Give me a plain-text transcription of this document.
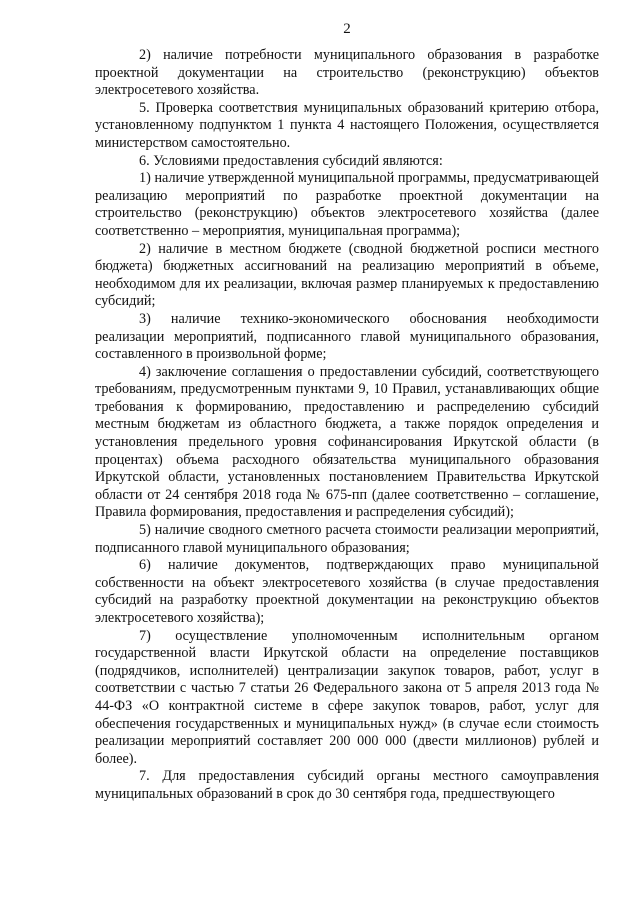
2

2) наличие потребности муниципального образования в разработке проектной документации на строительство (реконструкцию) объектов электросетевого хозяйства.

5. Проверка соответствия муниципальных образований критерию отбора, установленному подпунктом 1 пункта 4 настоящего Положения, осуществляется министерством самостоятельно.

6. Условиями предоставления субсидий являются:

1) наличие утвержденной муниципальной программы, предусматривающей реализацию мероприятий по разработке проектной документации на строительство (реконструкцию) объектов электросетевого хозяйства (далее соответственно – мероприятия, муниципальная программа);

2) наличие в местном бюджете (сводной бюджетной росписи местного бюджета) бюджетных ассигнований на реализацию мероприятий в объеме, необходимом для их реализации, включая размер планируемых к предоставлению субсидий;

3) наличие технико-экономического обоснования необходимости реализации мероприятий, подписанного главой муниципального образования, составленного в произвольной форме;

4) заключение соглашения о предоставлении субсидий, соответствующего требованиям, предусмотренным пунктами 9, 10 Правил, устанавливающих общие требования к формированию, предоставлению и распределению субсидий местным бюджетам из областного бюджета, а также порядок определения и установления предельного уровня софинансирования Иркутской области (в процентах) объема расходного обязательства муниципального образования Иркутской области, установленных постановлением Правительства Иркутской области от 24 сентября 2018 года № 675-пп (далее соответственно – соглашение, Правила формирования, предоставления и распределения субсидий);

5) наличие сводного сметного расчета стоимости реализации мероприятий, подписанного главой муниципального образования;

6) наличие документов, подтверждающих право муниципальной собственности на объект электросетевого хозяйства (в случае предоставления субсидий на разработку проектной документации на реконструкцию объектов электросетевого хозяйства);

7) осуществление уполномоченным исполнительным органом государственной власти Иркутской области на определение поставщиков (подрядчиков, исполнителей) централизации закупок товаров, работ, услуг в соответствии с частью 7 статьи 26 Федерального закона от 5 апреля 2013 года № 44-ФЗ «О контрактной системе в сфере закупок товаров, работ, услуг для обеспечения государственных и муниципальных нужд» (в случае если стоимость реализации мероприятий составляет 200 000 000 (двести миллионов) рублей и более).

7. Для предоставления субсидий органы местного самоуправления муниципальных образований в срок до 30 сентября года, предшествующего
